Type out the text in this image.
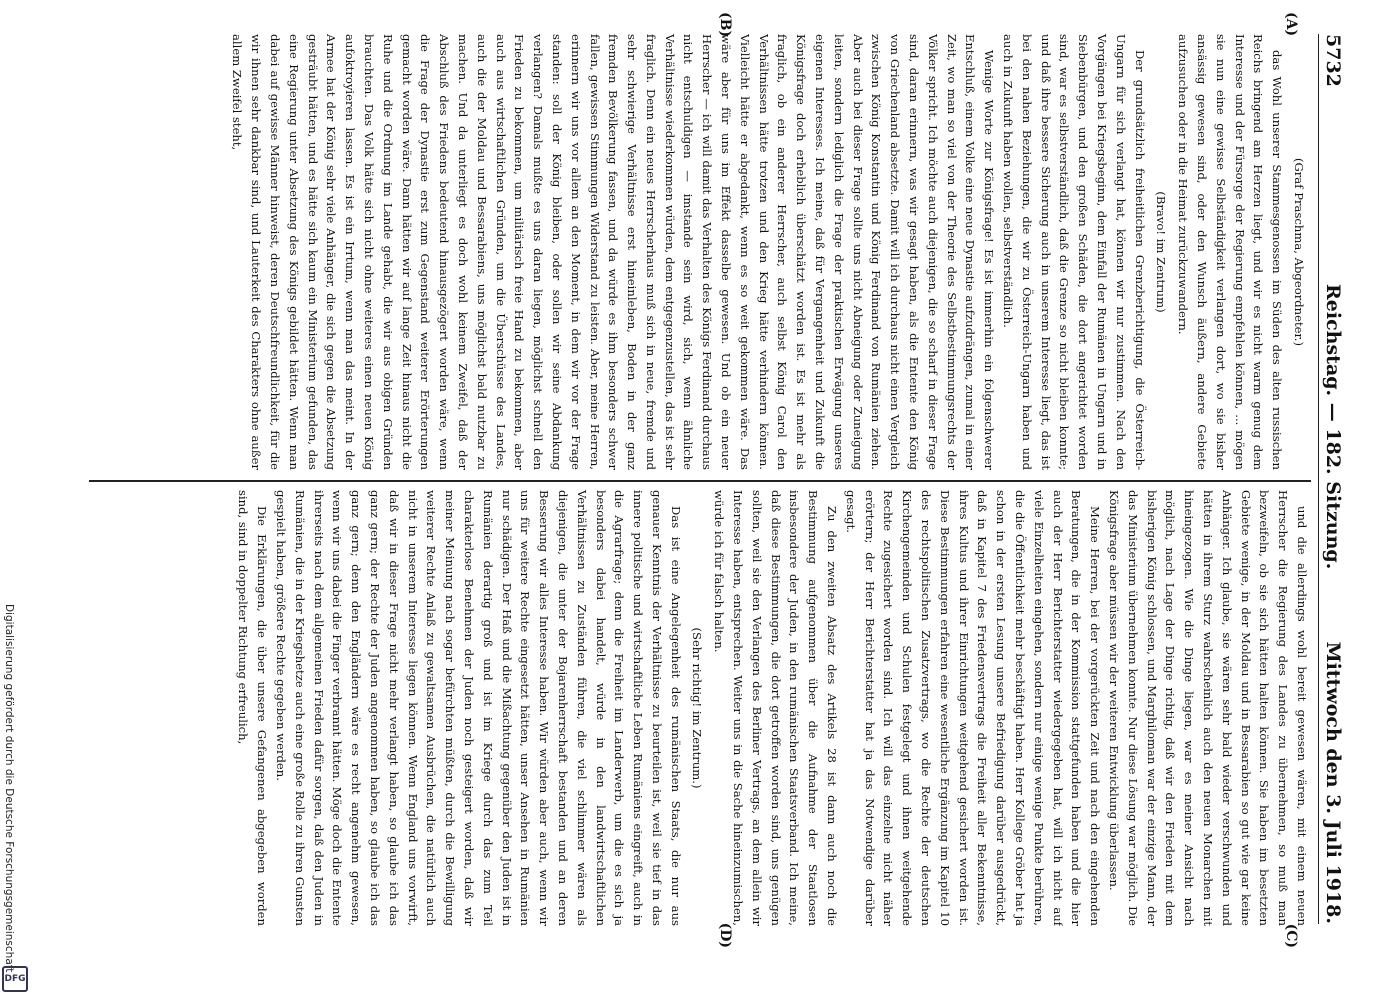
5732
Reichstag. — 182. Sitzung.
Mittwoch den 3. Juli 1918.
(A)
(B)
(C)
(D)

(Graf Praschma, Abgeordneter.)

das Wohl unserer Stammesgenossen im Süden des alten russischen Reichs bringend am Herzen liegt, und wir es nicht warm genug dem Interesse und der Fürsorge der Regierung empfehlen können, ... mögen sie nun eine gewisse Selbständigkeit verlangen dort, wo sie bisher ansässig gewesen sind, oder den Wunsch äußern, andere Gebiete aufzusuchen oder in die Heimat zurückzuwandern.

(Bravo! im Zentrum)

Der grundsätzlich freiheitlichen Grenzberichtigung, die Österreich-Ungarn für sich verlangt hat, können wir nur zustimmen. Nach den Vorgängen bei Kriegsbeginn, dem Einfall der Rumänen in Ungarn und in Siebenbürgen, und den großen Schäden, die dort angerichtet worden sind, war es selbstverständlich, daß die Grenze so nicht bleiben konnte; und daß ihre bessere Sicherung auch in unserem Interesse liegt, das ist bei den nahen Beziehungen, die wir zu Österreich-Ungarn haben und auch in Zukunft haben wollen, selbstverständlich.

Wenige Worte zur Königsfrage! Es ist immerhin ein folgenschwerer Entschluß, einem Volke eine neue Dynastie aufzudrängen, zumal in einer Zeit, wo man so viel von der Theorie des Selbstbestimmungsrechts der Völker spricht. Ich möchte auch diejenigen, die so scharf in dieser Frage sind, daran erinnern, was wir gesagt haben, als die Entente den König von Griechenland absetzte. Damit will ich durchaus nicht einen Vergleich zwischen König Konstantin und König Ferdinand von Rumänien ziehen. Aber auch bei dieser Frage sollte uns nicht Abneigung oder Zuneigung leiten, sondern lediglich die Frage der praktischen Erwägung unseres eigenen Interesses. Ich meine, daß für Vergangenheit und Zukunft die Königsfrage doch erheblich überschätzt worden ist. Es ist mehr als fraglich, ob ein anderer Herrscher, auch selbst König Carol den Verhältnissen hätte trotzen und den Krieg hätte verhindern können. Vielleicht hätte er abgedankt, wenn es so weit gekommen wäre. Das wäre aber für uns im Effekt dasselbe gewesen. Und ob ein neuer Herrscher — ich will damit das Verhalten des Königs Ferdinand durchaus nicht entschuldigen — imstande sein wird, sich, wenn ähnliche Verhältnisse wiederkommen würden, dem entgegenzustellen, das ist sehr fraglich. Denn ein neues Herrscherhaus muß sich in neue, fremde und sehr schwierige Verhältnisse erst hineinleben, Boden in der ganz fremden Bevölkerung fassen, und da würde es ihm besonders schwer fallen, gewissen Stimmungen Widerstand zu leisten. Aber, meine Herren, erinnern wir uns vor allem an den Moment, in dem wir vor der Frage standen: soll der König bleiben, oder sollen wir seine Abdankung verlangen? Damals mußte es uns daran liegen, möglichst schnell den Frieden zu bekommen, um militärisch freie Hand zu bekommen, aber auch aus wirtschaftlichen Gründen, um die Überschüsse des Landes, auch die der Moldau und Bessarabiens, uns möglichst bald nutzbar zu machen. Und da unterliegt es doch wohl keinem Zweifel, daß der Abschluß des Friedens bedeutend hinausgezögert worden wäre, wenn die Frage der Dynastie erst zum Gegenstand weiterer Erörterungen gemacht worden wäre. Dann hätten wir auf lange Zeit hinaus nicht die Ruhe und die Ordnung im Lande gehabt, die wir aus obigen Gründen brauchten. Das Volk hätte sich nicht ohne weiteres einen neuen König aufoktroyieren lassen. Es ist ein Irrtum, wenn man das meint. In der Armee hat der König sehr viele Anhänger, die sich gegen die Absetzung gesträubt hätten, und es hätte sich kaum ein Ministerium gefunden, das eine Regierung unter Absetzung des Königs gebildet hätten. Wenn man dabei auf gewisse Männer hinweist, deren Deutschfreundlichkeit, für die wir ihnen sehr dankbar sind, und Lauterkeit des Charakters ohne außer allem Zweifel steht,

und die allerdings wohl bereit gewesen wären, mit einem neuen Herrscher die Regierung des Landes zu übernehmen, so muß man bezweifeln, ob sie sich hätten halten können. Sie haben im besetzten Gebiete wenige, in der Moldau und in Bessarabien so gut wie gar keine Anhänger. Ich glaube, sie wären sehr bald wieder verschwunden und hätten in ihrem Sturz wahrscheinlich auch den neuen Monarchen mit hineingezogen. Wie die Dinge liegen, war es meiner Ansicht nach möglich, nach Lage der Dinge richtig, daß wir den Frieden mit dem bisherigen König schlossen, und Marghiloman war der einzige Mann, der das Ministerium übernehmen konnte. Nur diese Lösung war möglich. Die Königsfrage aber müssen wir der weiteren Entwicklung überlassen.

Meine Herren, bei der vorgerückten Zeit und nach den eingehenden Beratungen, die in der Kommission stattgefunden haben und die hier auch der Herr Berichterstatter wiedergegeben hat, will ich nicht auf viele Einzelheiten eingehen, sondern nur einige wenige Punkte berühren, die die Öffentlichkeit mehr beschäftigt haben. Herr Kollege Gröber hat ja schon in der ersten Lesung unsere Befriedigung darüber ausgedrückt, daß in Kapitel 7 des Friedensvertrags die Freiheit aller Bekenntnisse, ihres Kultus und ihrer Einrichtungen weitgehend gesichert worden ist. Diese Bestimmungen erfahren eine wesentliche Ergänzung im Kapitel 10 des rechtspolitischen Zusatzvertrags, wo die Rechte der deutschen Kirchengemeinden und Schulen festgelegt und ihnen weitgehende Rechte zugesichert worden sind. Ich will das einzelne nicht näher erörtern; der Herr Berichterstatter hat ja das Notwendige darüber gesagt.

Zu den zweiten Absatz des Artikels 28 ist dann auch noch die Bestimmung aufgenommen über die Aufnahme der Staatlosen insbesondere der Juden, in den rumänischen Staatsverband. Ich meine, daß diese Bestimmungen, die dort getroffen worden sind, uns genügen sollten, weil sie den Verlangen des Berliner Vertrags, an dem allein wir Interesse haben, entsprechen. Weiter uns in die Sache hineinzumischen, würde ich für falsch halten.

(Sehr richtig! im Zentrum.)

Das ist eine Angelegenheit des rumänischen Staats, die nur aus genauer Kenntnis der Verhältnisse zu beurteilen ist, weil sie tief in das innere politische und wirtschaftliche Leben Rumäniens eingreift, auch in die Agrarfrage; denn die Freiheit im Landerwerb, um die es sich ja besonders dabei handelt, würde in den landwirtschaftlichen Verhältnissen zu Zuständen führen, die viel schlimmer wären als diejenigen, die unter der Bojarenherrschaft bestanden und an deren Besserung wir alles Interesse haben. Wir würden aber auch, wenn wir uns für weitere Rechte eingesetzt hätten, unser Ansehen in Rumänien nur schädigen. Der Haß und die Mißachtung gegenüber den Juden ist in Rumänien derartig groß und ist im Kriege durch das zum Teil charakterlose Benehmen der Juden noch gesteigert worden, daß wir meiner Meinung nach sogar befürchten müßten, durch die Bewilligung weiterer Rechte Anlaß zu gewaltsamen Ausbrüchen, die natürlich auch nicht in unserem Interesse liegen können. Wenn England uns vorwirft, daß wir in dieser Frage nicht mehr verlangt haben, so glaube ich das ganz gern; der Rechte der Juden angenommen haben, so glaube ich das ganz gern; denn den Engländern wäre es recht angenehm gewesen, wenn wir uns dabei die Finger verbrannt hätten. Möge doch die Entente ihrerseits nach dem allgemeinen Frieden dafür sorgen, daß den Juden in Rumänien, die in der Kriegshetze auch eine große Rolle zu ihren Gunsten gespielt haben, größere Rechte gegeben werden.

Die Erklärungen, die über unsere Gefangenen abgegeben worden sind, sind in doppelter Richtung erfreulich,

Digitalisierung gefördert durch die Deutsche Forschungsgemeinschaft
DFG
